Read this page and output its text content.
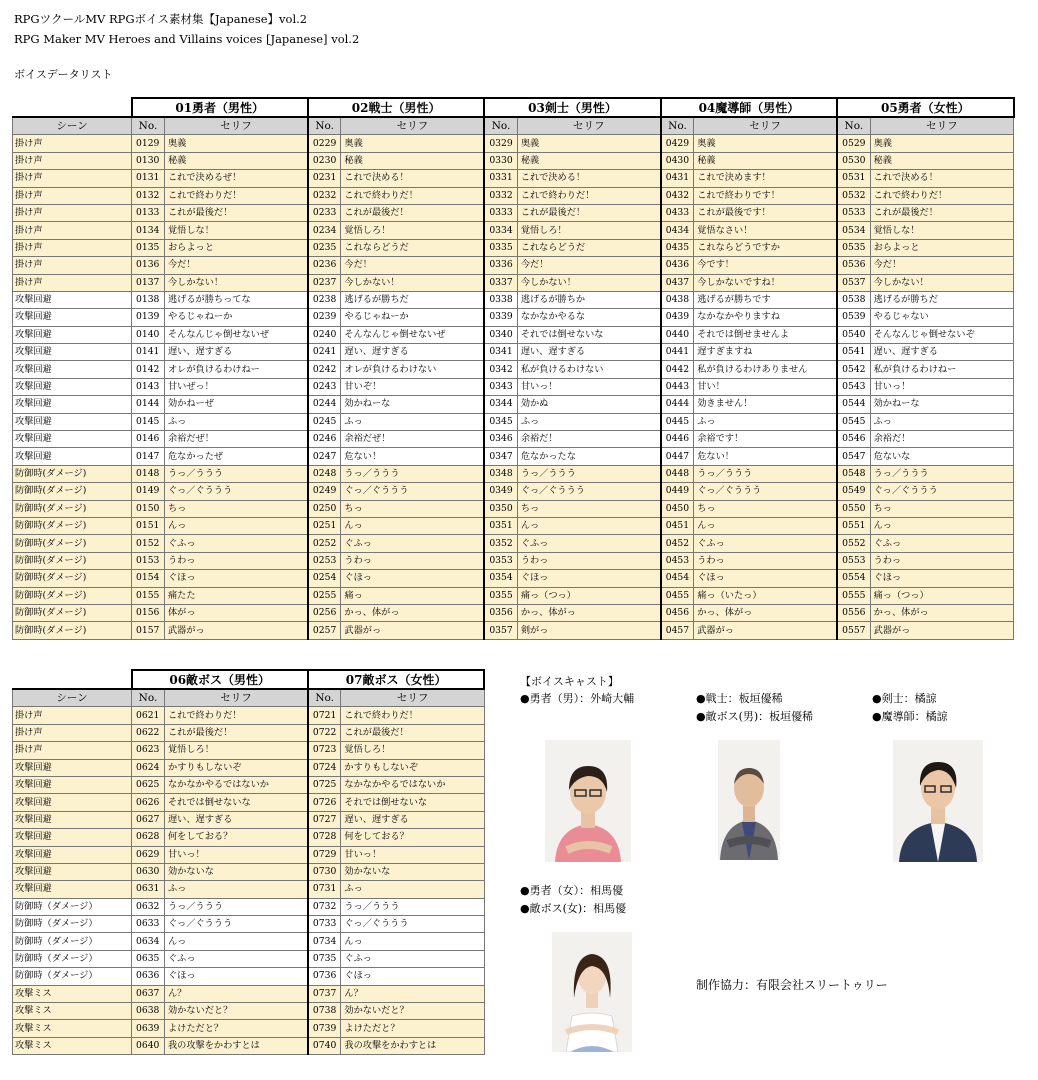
RPGツクールMV RPGボイス素材集【Japanese】vol.2
RPG Maker MV Heroes and Villains voices [Japanese] vol.2
ボイスデータリスト
	01勇者（男性）		02戦士（男性）		03剣士（男性）		04魔導師（男性）		05勇者（女性）	
シーン	No.	セリフ	No.	セリフ	No.	セリフ	No.	セリフ	No.	セリフ
掛け声	0129	奥義	0229	奥義	0329	奥義	0429	奥義	0529	奥義
掛け声	0130	秘義	0230	秘義	0330	秘義	0430	秘義	0530	秘義
掛け声	0131	これで決めるぜ！	0231	これで決める！	0331	これで決める！	0431	これで決めます！	0531	これで決める！
掛け声	0132	これで終わりだ！	0232	これで終わりだ！	0332	これで終わりだ！	0432	これで終わりです！	0532	これで終わりだ！
掛け声	0133	これが最後だ！	0233	これが最後だ！	0333	これが最後だ！	0433	これが最後です！	0533	これが最後だ！
掛け声	0134	覚悟しな！	0234	覚悟しろ！	0334	覚悟しろ！	0434	覚悟なさい！	0534	覚悟しな！
掛け声	0135	おらよっと	0235	これならどうだ	0335	これならどうだ	0435	これならどうですか	0535	おらよっと
掛け声	0136	今だ！	0236	今だ！	0336	今だ！	0436	今です！	0536	今だ！
掛け声	0137	今しかない！	0237	今しかない！	0337	今しかない！	0437	今しかないですね！	0537	今しかない！
攻撃回避	0138	逃げるが勝ちってな	0238	逃げるが勝ちだ	0338	逃げるが勝ちか	0438	逃げるが勝ちです	0538	逃げるが勝ちだ
攻撃回避	0139	やるじゃねーか	0239	やるじゃねーか	0339	なかなかやるな	0439	なかなかやりますね	0539	やるじゃない
攻撃回避	0140	そんなんじゃ倒せないぜ	0240	そんなんじゃ倒せないぜ	0340	それでは倒せないな	0440	それでは倒せませんよ	0540	そんなんじゃ倒せないぞ
攻撃回避	0141	遅い、遅すぎる	0241	遅い、遅すぎる	0341	遅い、遅すぎる	0441	遅すぎますね	0541	遅い、遅すぎる
攻撃回避	0142	オレが負けるわけねー	0242	オレが負けるわけない	0342	私が負けるわけない	0442	私が負けるわけありません	0542	私が負けるわけねー
攻撃回避	0143	甘いぜっ！	0243	甘いぞ！	0343	甘いっ！	0443	甘い！	0543	甘いっ！
攻撃回避	0144	効かねーぜ	0244	効かねーな	0344	効かぬ	0444	効きません！	0544	効かねーな
攻撃回避	0145	ふっ	0245	ふっ	0345	ふっ	0445	ふっ	0545	ふっ
攻撃回避	0146	余裕だぜ！	0246	余裕だぜ！	0346	余裕だ！	0446	余裕です！	0546	余裕だ！
攻撃回避	0147	危なかったぜ	0247	危ない！	0347	危なかったな	0447	危ない！	0547	危ないな
防御時(ダメージ)	0148	うっ／ううう	0248	うっ／ううう	0348	うっ／ううう	0448	うっ／ううう	0548	うっ／ううう
防御時(ダメージ)	0149	ぐっ／ぐううう	0249	ぐっ／ぐううう	0349	ぐっ／ぐううう	0449	ぐっ／ぐううう	0549	ぐっ／ぐううう
防御時(ダメージ)	0150	ちっ	0250	ちっ	0350	ちっ	0450	ちっ	0550	ちっ
防御時(ダメージ)	0151	んっ	0251	んっ	0351	んっ	0451	んっ	0551	んっ
防御時(ダメージ)	0152	ぐふっ	0252	ぐふっ	0352	ぐふっ	0452	ぐふっ	0552	ぐふっ
防御時(ダメージ)	0153	うわっ	0253	うわっ	0353	うわっ	0453	うわっ	0553	うわっ
防御時(ダメージ)	0154	ぐほっ	0254	ぐほっ	0354	ぐほっ	0454	ぐほっ	0554	ぐほっ
防御時(ダメージ)	0155	痛たた	0255	痛っ	0355	痛っ（つっ）	0455	痛っ（いたっ）	0555	痛っ（つっ）
防御時(ダメージ)	0156	体がっ	0256	かっ、体がっ	0356	かっ、体がっ	0456	かっ、体がっ	0556	かっ、体がっ
防御時(ダメージ)	0157	武器がっ	0257	武器がっ	0357	剣がっ	0457	武器がっ	0557	武器がっ
	06敵ボス（男性）		07敵ボス（女性）	
シーン	No.	セリフ	No.	セリフ
掛け声	0621	これで終わりだ！	0721	これで終わりだ！
掛け声	0622	これが最後だ！	0722	これが最後だ！
掛け声	0623	覚悟しろ！	0723	覚悟しろ！
攻撃回避	0624	かすりもしないぞ	0724	かすりもしないぞ
攻撃回避	0625	なかなかやるではないか	0725	なかなかやるではないか
攻撃回避	0626	それでは倒せないな	0726	それでは倒せないな
攻撃回避	0627	遅い、遅すぎる	0727	遅い、遅すぎる
攻撃回避	0628	何をしておる？	0728	何をしておる？
攻撃回避	0629	甘いっ！	0729	甘いっ！
攻撃回避	0630	効かないな	0730	効かないな
攻撃回避	0631	ふっ	0731	ふっ
防御時（ダメージ）	0632	うっ／ううう	0732	うっ／ううう
防御時（ダメージ）	0633	ぐっ／ぐううう	0733	ぐっ／ぐううう
防御時（ダメージ）	0634	んっ	0734	んっ
防御時（ダメージ）	0635	ぐふっ	0735	ぐふっ
防御時（ダメージ）	0636	ぐほっ	0736	ぐほっ
攻撃ミス	0637	ん？	0737	ん？
攻撃ミス	0638	効かないだと？	0738	効かないだと？
攻撃ミス	0639	よけただと？	0739	よけただと？
攻撃ミス	0640	我の攻撃をかわすとは	0740	我の攻撃をかわすとは
【ボイスキャスト】
●勇者（男）：外崎大輔	●戦士：板垣優稀	●剣士：橘諒
●敵ボス(男)：板垣優稀	●魔導師：橘諒
●勇者（女）：相馬優
●敵ボス(女)：相馬優
制作協力：有限会社スリートゥリー
